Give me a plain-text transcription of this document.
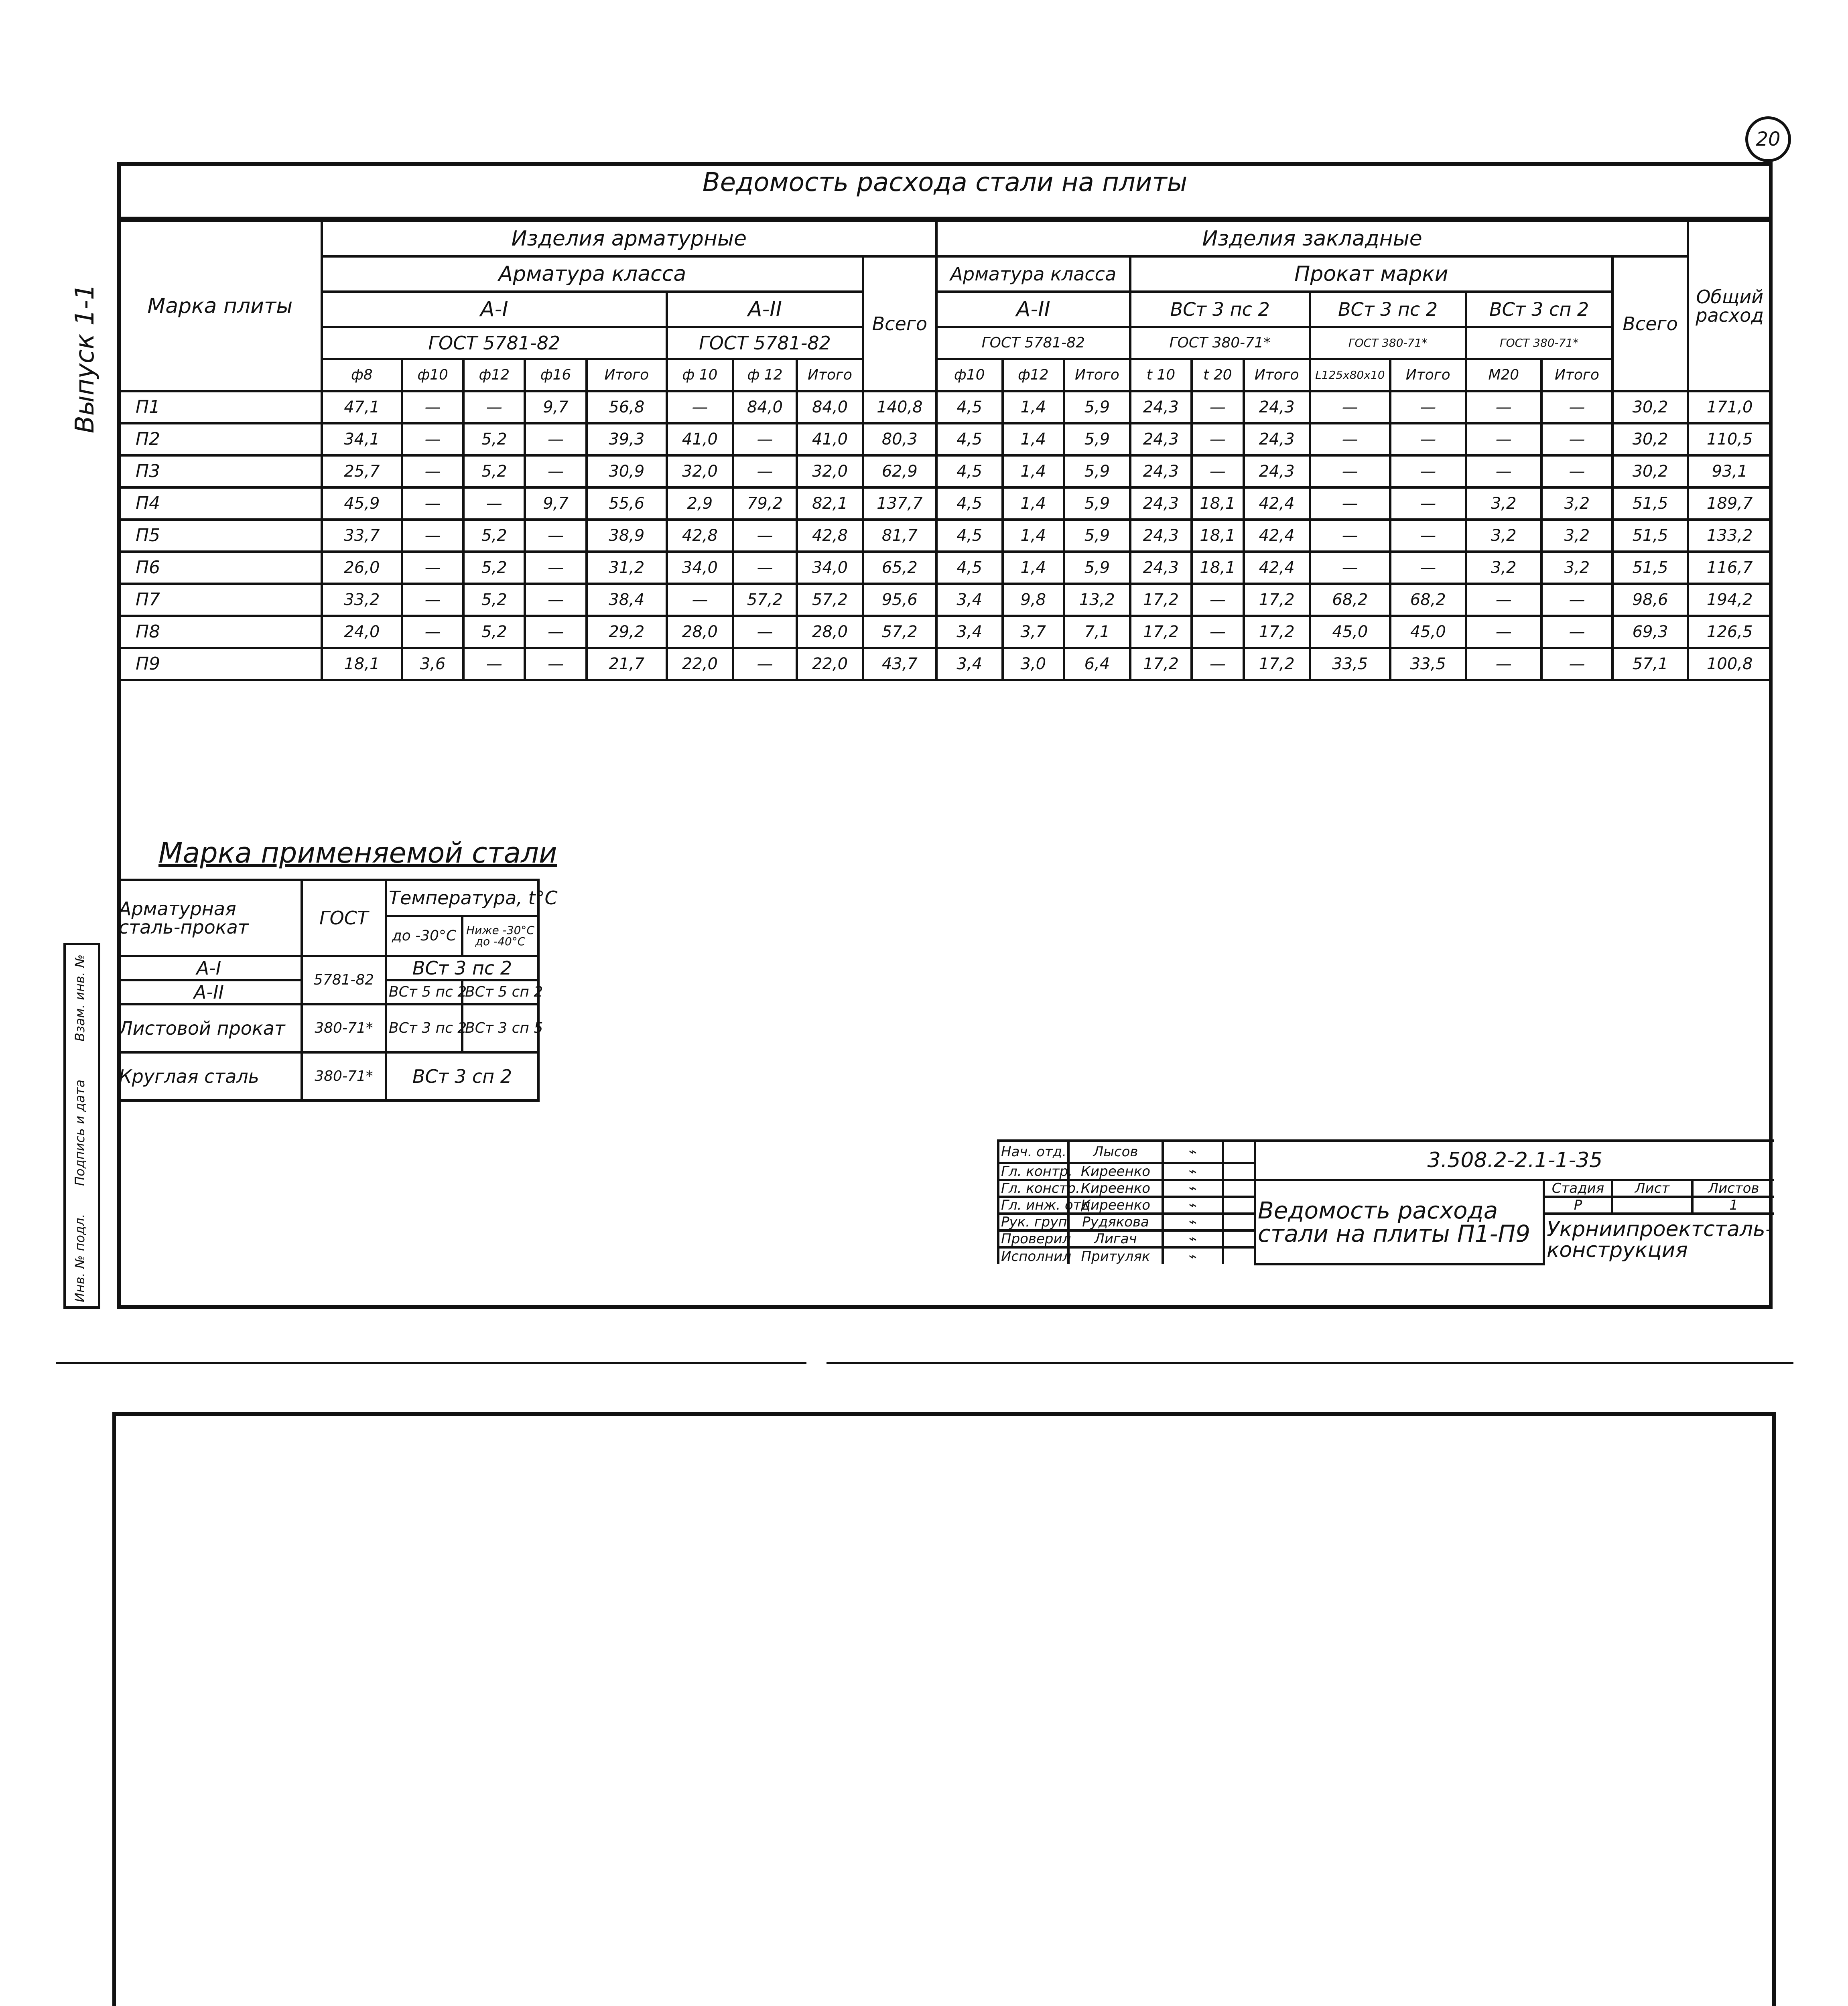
20
Выпуск 1-1
Инв. № подл.
Подпись и дата
Взам. инв. №
Ведомость расхода стали на плиты
Марка плиты	Изделия арматурные									Изделия закладные											Общий расход
	Арматура класса								Всего	Арматура класса			Прокат марки							Всего	
	А-I					А-II				А-II			ВСт 3 пс 2			ВСт 3 пс 2		ВСт 3 сп 2			
	ГОСТ 5781-82					ГОСТ 5781-82				ГОСТ 5781-82			ГОСТ 380-71*			ГОСТ 380-71*		ГОСТ 380-71*			
	ф8	ф10	ф12	ф16	Итого	ф 10	ф 12	Итого		ф10	ф12	Итого	t 10	t 20	Итого	L125х80х10	Итого	М20	Итого		
П1	47,1	—	—	9,7	56,8	—	84,0	84,0	140,8	4,5	1,4	5,9	24,3	—	24,3	—	—	—	—	30,2	171,0
П2	34,1	—	5,2	—	39,3	41,0	—	41,0	80,3	4,5	1,4	5,9	24,3	—	24,3	—	—	—	—	30,2	110,5
П3	25,7	—	5,2	—	30,9	32,0	—	32,0	62,9	4,5	1,4	5,9	24,3	—	24,3	—	—	—	—	30,2	93,1
П4	45,9	—	—	9,7	55,6	2,9	79,2	82,1	137,7	4,5	1,4	5,9	24,3	18,1	42,4	—	—	3,2	3,2	51,5	189,7
П5	33,7	—	5,2	—	38,9	42,8	—	42,8	81,7	4,5	1,4	5,9	24,3	18,1	42,4	—	—	3,2	3,2	51,5	133,2
П6	26,0	—	5,2	—	31,2	34,0	—	34,0	65,2	4,5	1,4	5,9	24,3	18,1	42,4	—	—	3,2	3,2	51,5	116,7
П7	33,2	—	5,2	—	38,4	—	57,2	57,2	95,6	3,4	9,8	13,2	17,2	—	17,2	68,2	68,2	—	—	98,6	194,2
П8	24,0	—	5,2	—	29,2	28,0	—	28,0	57,2	3,4	3,7	7,1	17,2	—	17,2	45,0	45,0	—	—	69,3	126,5
П9	18,1	3,6	—	—	21,7	22,0	—	22,0	43,7	3,4	3,0	6,4	17,2	—	17,2	33,5	33,5	—	—	57,1	100,8

Марка применяемой стали
Арматурная сталь-прокат	ГОСТ	Температура, t°С	
		до -30°С	Ниже -30°С до -40°С
А-I	5781-82	ВСт 3 пс 2	
А-II		ВСт 5 пс 2	ВСт 5 сп 2
Листовой прокат	380-71*	ВСт 3 пс 2	ВСт 3 сп 5
Круглая сталь	380-71*	ВСт 3 сп 2	
Нач. отд.	Лысов	⌁		3.508.2-2.1-1-35			
Гл. контр.	Киреенко	⌁					
Гл. констр.	Киреенко	⌁		Ведомость расхода стали на плиты П1-П9	Стадия	Лист	Листов
Гл. инж. отд.	Киреенко	⌁			Р		1
Рук. груп.	Рудякова	⌁			Укрниипроектсталь-конструкция		
Проверил	Лигач	⌁					
Исполнил	Притуляк	⌁					
